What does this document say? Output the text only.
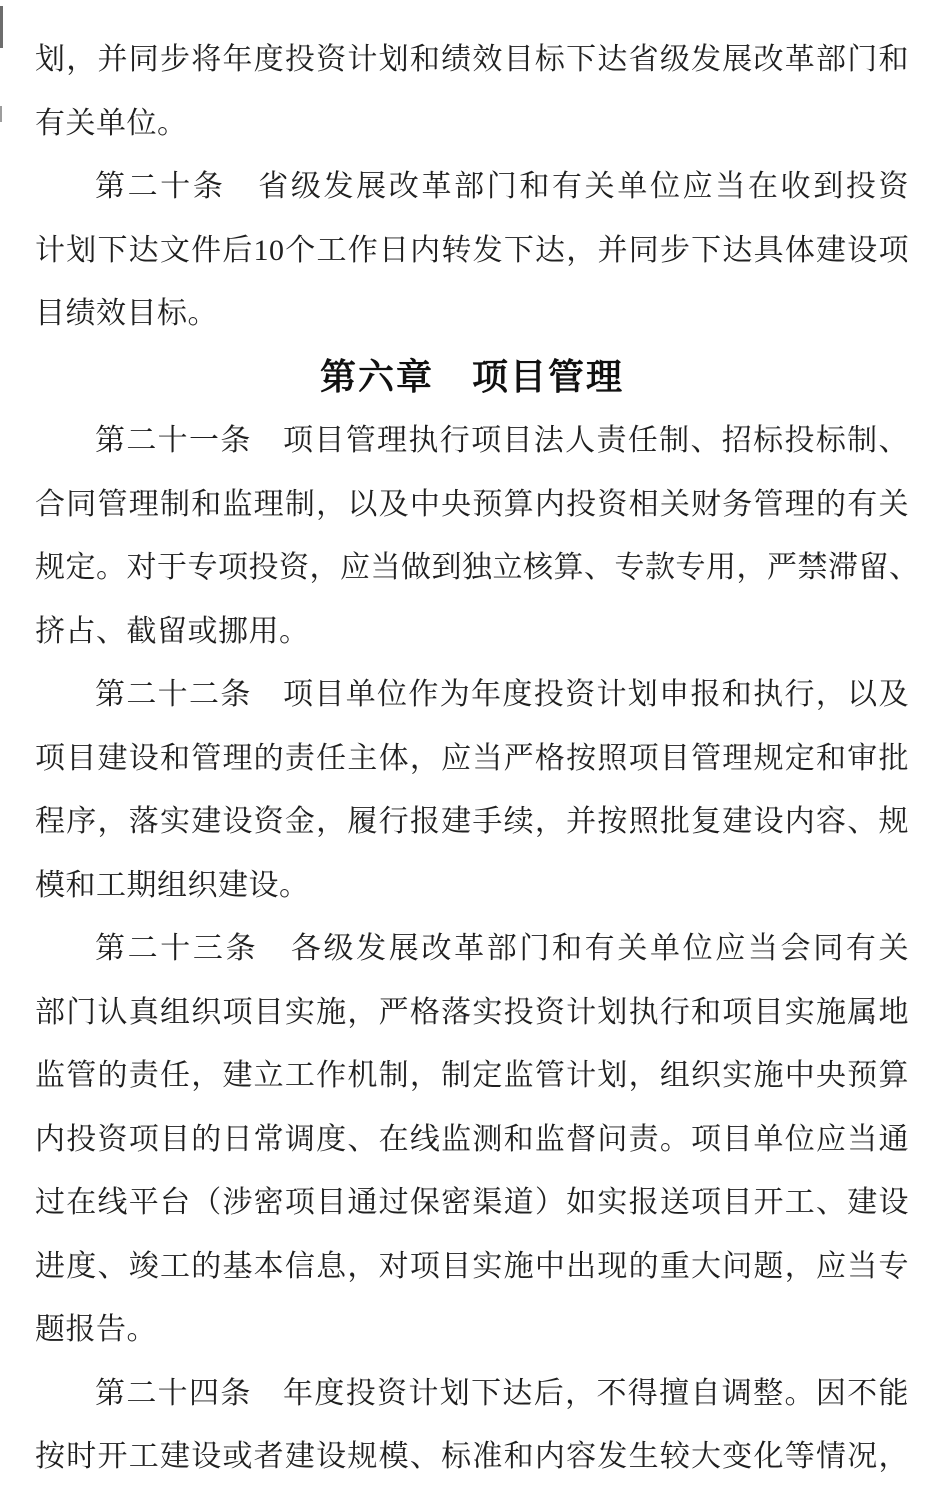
划，并同步将年度投资计划和绩效目标下达省级发展改革部门和
有关单位。
第二十条　省级发展改革部门和有关单位应当在收到投资
计划下达文件后10个工作日内转发下达，并同步下达具体建设项
目绩效目标。
第六章　项目管理
第二十一条　项目管理执行项目法人责任制、招标投标制、
合同管理制和监理制，以及中央预算内投资相关财务管理的有关
规定。对于专项投资，应当做到独立核算、专款专用，严禁滞留、
挤占、截留或挪用。
第二十二条　项目单位作为年度投资计划申报和执行，以及
项目建设和管理的责任主体，应当严格按照项目管理规定和审批
程序，落实建设资金，履行报建手续，并按照批复建设内容、规
模和工期组织建设。
第二十三条　各级发展改革部门和有关单位应当会同有关
部门认真组织项目实施，严格落实投资计划执行和项目实施属地
监管的责任，建立工作机制，制定监管计划，组织实施中央预算
内投资项目的日常调度、在线监测和监督问责。项目单位应当通
过在线平台（涉密项目通过保密渠道）如实报送项目开工、建设
进度、竣工的基本信息，对项目实施中出现的重大问题，应当专
题报告。
第二十四条　年度投资计划下达后，不得擅自调整。因不能
按时开工建设或者建设规模、标准和内容发生较大变化等情况，
